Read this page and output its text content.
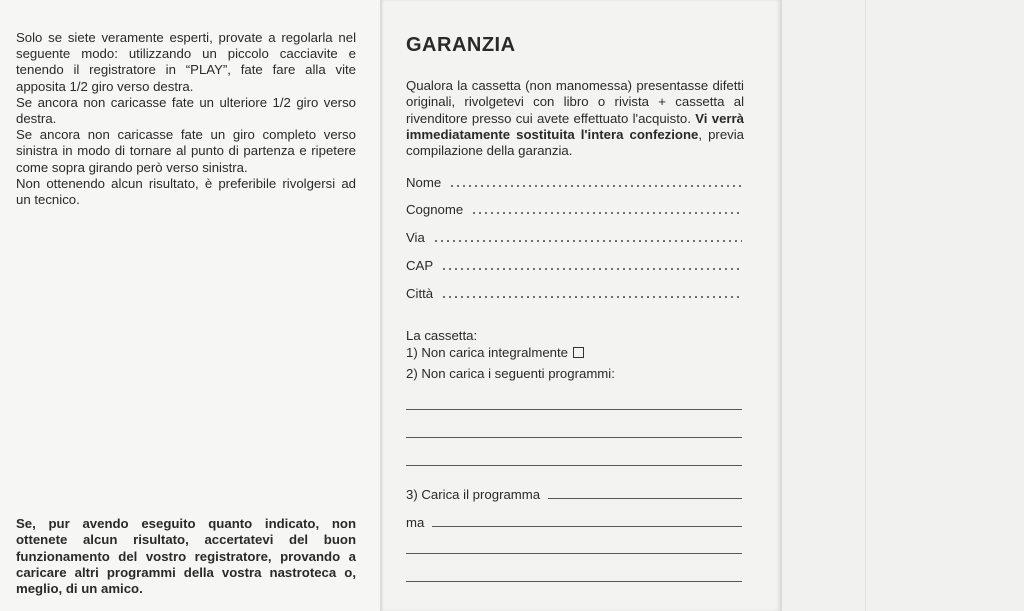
Solo se siete veramente esperti, provate a regolarla nel seguente modo: utilizzando un piccolo cacciavite e tenendo il registratore in “PLAY”, fate fare alla vite apposita 1/2 giro verso destra.

Se ancora non caricasse fate un ulteriore 1/2 giro verso destra.

Se ancora non caricasse fate un giro completo verso sinistra in modo di tornare al punto di partenza e ripetere come sopra girando però verso sinistra.

Non ottenendo alcun risultato, è preferibile rivolgersi ad un tecnico.

Se, pur avendo eseguito quanto indicato, non ottenete alcun risultato, accertatevi del buon funzionamento del vostro registratore, provando a caricare altri programmi della vostra nastroteca o, meglio, di un amico.

GARANZIA

Qualora la cassetta (non manomessa) presentasse difetti originali, rivolgetevi con libro o rivista + cassetta al rivenditore presso cui avete effettuato l'acquisto. Vi verrà immediatamente sostituita l'intera confezione, previa compilazione della garanzia.

Nome
Cognome
Via
CAP
Città
La cassetta:
1) Non carica integralmente
2) Non carica i seguenti programmi:
3) Carica il programma
ma
